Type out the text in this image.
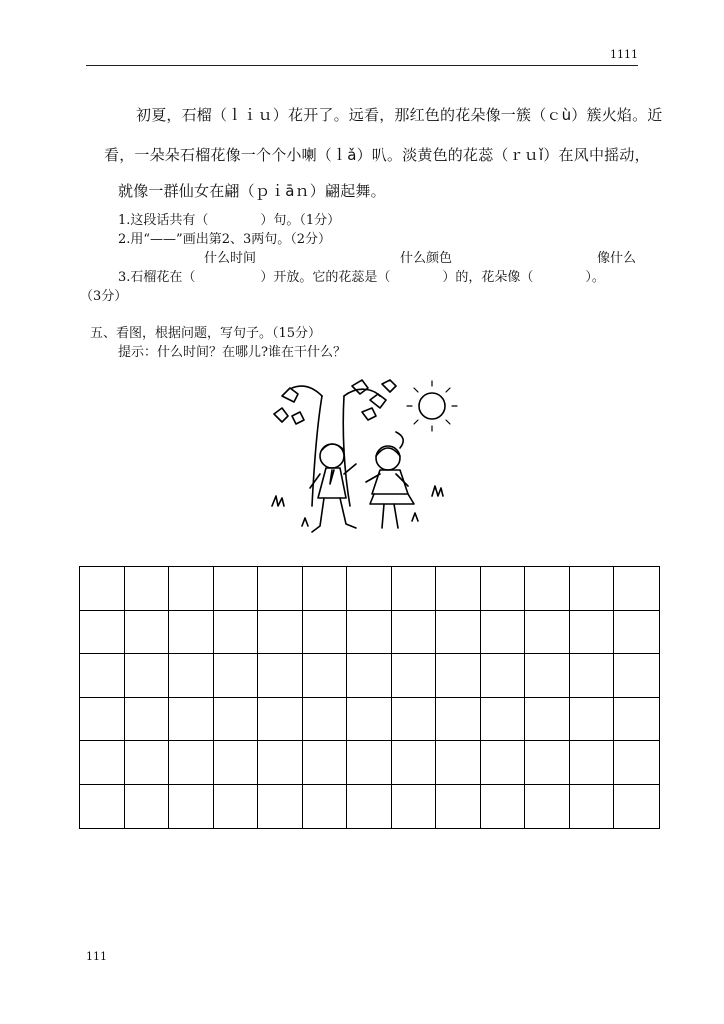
1111
初夏，石榴（ｌｉｕ）花开了。远看，那红色的花朵像一簇（ｃù）簇火焰。近
看，一朵朵石榴花像一个个小喇（ｌǎ）叭。淡黄色的花蕊（ｒｕǐ）在风中摇动，
就像一群仙女在翩（ｐｉāｎ）翩起舞。
1.这段话共有（　　　　）句。（1分）
2.用“——”画出第2、3两句。（2分）
什么时间	什么颜色	像什么
3.石榴花在（　　　　　）开放。它的花蕊是（　　　　）的，花朵像（　　　　）。
（3分）
五、看图，根据问题，写句子。（15分）
提示：什么时间？在哪儿?谁在干什么？
111
